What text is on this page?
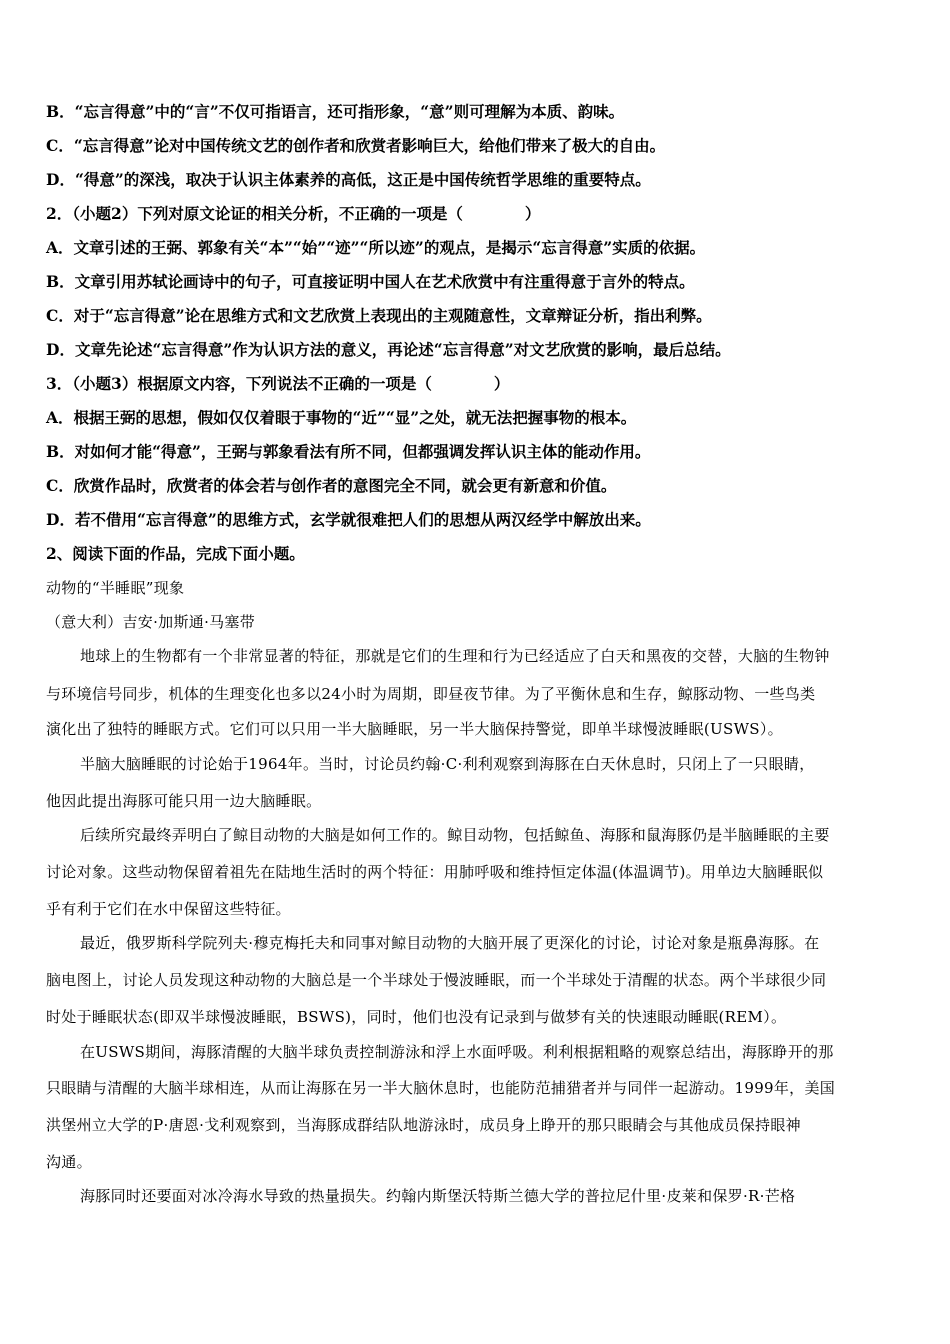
B．“忘言得意”中的“言”不仅可指语言，还可指形象，“意”则可理解为本质、韵味。
C．“忘言得意”论对中国传统文艺的创作者和欣赏者影响巨大，给他们带来了极大的自由。
D．“得意”的深浅，取决于认识主体素养的高低，这正是中国传统哲学思维的重要特点。
2．（小题2）下列对原文论证的相关分析，不正确的一项是（　　　　）
A．文章引述的王弼、郭象有关“本”“始”“迹”“所以迹”的观点，是揭示“忘言得意”实质的依据。
B．文章引用苏轼论画诗中的句子，可直接证明中国人在艺术欣赏中有注重得意于言外的特点。
C．对于“忘言得意”论在思维方式和文艺欣赏上表现出的主观随意性，文章辩证分析，指出利弊。
D．文章先论述“忘言得意”作为认识方法的意义，再论述“忘言得意”对文艺欣赏的影响，最后总结。
3．（小题3）根据原文内容，下列说法不正确的一项是（　　　　）
A．根据王弼的思想，假如仅仅着眼于事物的“近”“显”之处，就无法把握事物的根本。
B．对如何才能“得意”，王弼与郭象看法有所不同，但都强调发挥认识主体的能动作用。
C．欣赏作品时，欣赏者的体会若与创作者的意图完全不同，就会更有新意和价值。
D．若不借用“忘言得意”的思维方式，玄学就很难把人们的思想从两汉经学中解放出来。
2、阅读下面的作品，完成下面小题。
动物的“半睡眠”现象
（意大利）吉安·加斯通·马塞带
地球上的生物都有一个非常显著的特征，那就是它们的生理和行为已经适应了白天和黑夜的交替，大脑的生物钟
与环境信号同步，机体的生理变化也多以24小时为周期，即昼夜节律。为了平衡休息和生存，鲸豚动物、一些鸟类
演化出了独特的睡眠方式。它们可以只用一半大脑睡眠，另一半大脑保持警觉，即单半球慢波睡眠(USWS）。
半脑大脑睡眠的讨论始于1964年。当时，讨论员约翰·C·利利观察到海豚在白天休息时，只闭上了一只眼睛，
他因此提出海豚可能只用一边大脑睡眠。
后续所究最终弄明白了鲸目动物的大脑是如何工作的。鲸目动物，包括鲸鱼、海豚和鼠海豚仍是半脑睡眠的主要
讨论对象。这些动物保留着祖先在陆地生活时的两个特征：用肺呼吸和维持恒定体温(体温调节)。用单边大脑睡眠似
乎有利于它们在水中保留这些特征。
最近，俄罗斯科学院列夫·穆克梅托夫和同事对鲸目动物的大脑开展了更深化的讨论，讨论对象是瓶鼻海豚。在
脑电图上，讨论人员发现这种动物的大脑总是一个半球处于慢波睡眠，而一个半球处于清醒的状态。两个半球很少同
时处于睡眠状态(即双半球慢波睡眠，BSWS)，同时，他们也没有记录到与做梦有关的快速眼动睡眠(REM）。
在USWS期间，海豚清醒的大脑半球负责控制游泳和浮上水面呼吸。利利根据粗略的观察总结出，海豚睁开的那
只眼睛与清醒的大脑半球相连，从而让海豚在另一半大脑休息时，也能防范捕猎者并与同伴一起游动。1999年，美国
洪堡州立大学的P·唐恩·戈利观察到，当海豚成群结队地游泳时，成员身上睁开的那只眼睛会与其他成员保持眼神
沟通。
海豚同时还要面对冰冷海水导致的热量损失。约翰内斯堡沃特斯兰德大学的普拉尼什里·皮莱和保罗·R·芒格
